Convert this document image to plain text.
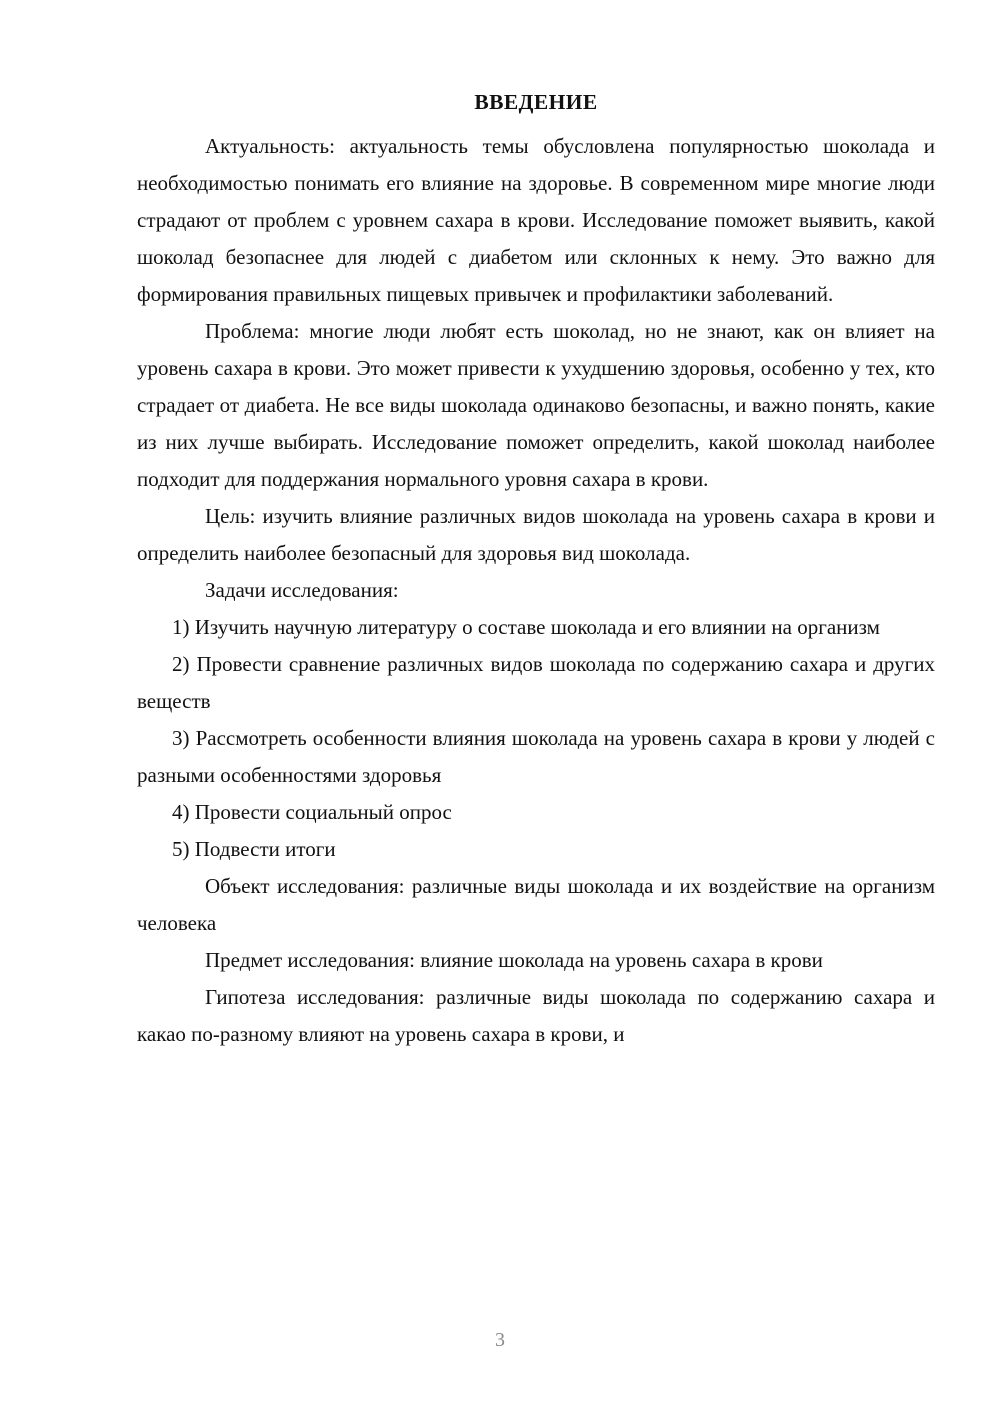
ВВЕДЕНИЕ

Актуальность: актуальность темы обусловлена популярностью шоколада и необходимостью понимать его влияние на здоровье. В современном мире многие люди страдают от проблем с уровнем сахара в крови. Исследование поможет выявить, какой шоколад безопаснее для людей с диабетом или склонных к нему. Это важно для формирования правильных пищевых привычек и профилактики заболеваний.

Проблема: многие люди любят есть шоколад, но не знают, как он влияет на уровень сахара в крови. Это может привести к ухудшению здоровья, особенно у тех, кто страдает от диабета. Не все виды шоколада одинаково безопасны, и важно понять, какие из них лучше выбирать. Исследование поможет определить, какой шоколад наиболее подходит для поддержания нормального уровня сахара в крови.

Цель: изучить влияние различных видов шоколада на уровень сахара в крови и определить наиболее безопасный для здоровья вид шоколада.

Задачи исследования:

1) Изучить научную литературу о составе шоколада и его влиянии на организм

2) Провести сравнение различных видов шоколада по содержанию сахара и других веществ

3) Рассмотреть особенности влияния шоколада на уровень сахара в крови у людей с разными особенностями здоровья

4) Провести социальный опрос

5) Подвести итоги

Объект исследования: различные виды шоколада и их воздействие на организм человека

Предмет исследования: влияние шоколада на уровень сахара в крови

Гипотеза исследования: различные виды шоколада по содержанию сахара и какао по-разному влияют на уровень сахара в крови, и

3
